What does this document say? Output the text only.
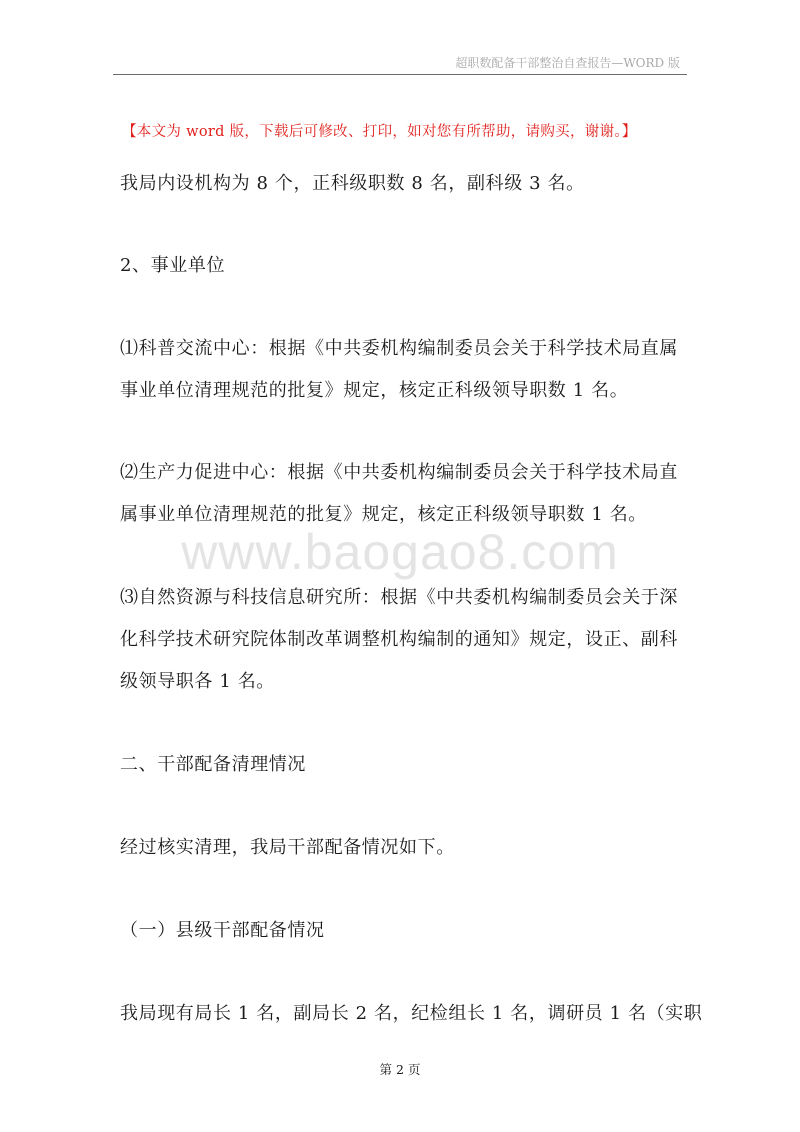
超职数配备干部整治自查报告—WORD 版
【本文为 word 版，下载后可修改、打印，如对您有所帮助，请购买，谢谢。】
我局内设机构为 8 个，正科级职数 8 名，副科级 3 名。
2、事业单位
⑴科普交流中心：根据《中共委机构编制委员会关于科学技术局直属
事业单位清理规范的批复》规定，核定正科级领导职数 1 名。
⑵生产力促进中心：根据《中共委机构编制委员会关于科学技术局直
属事业单位清理规范的批复》规定，核定正科级领导职数 1 名。
www.baogao8.com
⑶自然资源与科技信息研究所：根据《中共委机构编制委员会关于深
化科学技术研究院体制改革调整机构编制的通知》规定，设正、副科
级领导职各 1 名。
二、干部配备清理情况
经过核实清理，我局干部配备情况如下。
（一）县级干部配备情况
我局现有局长 1 名，副局长 2 名，纪检组长 1 名，调研员 1 名（实职
第 2 页
